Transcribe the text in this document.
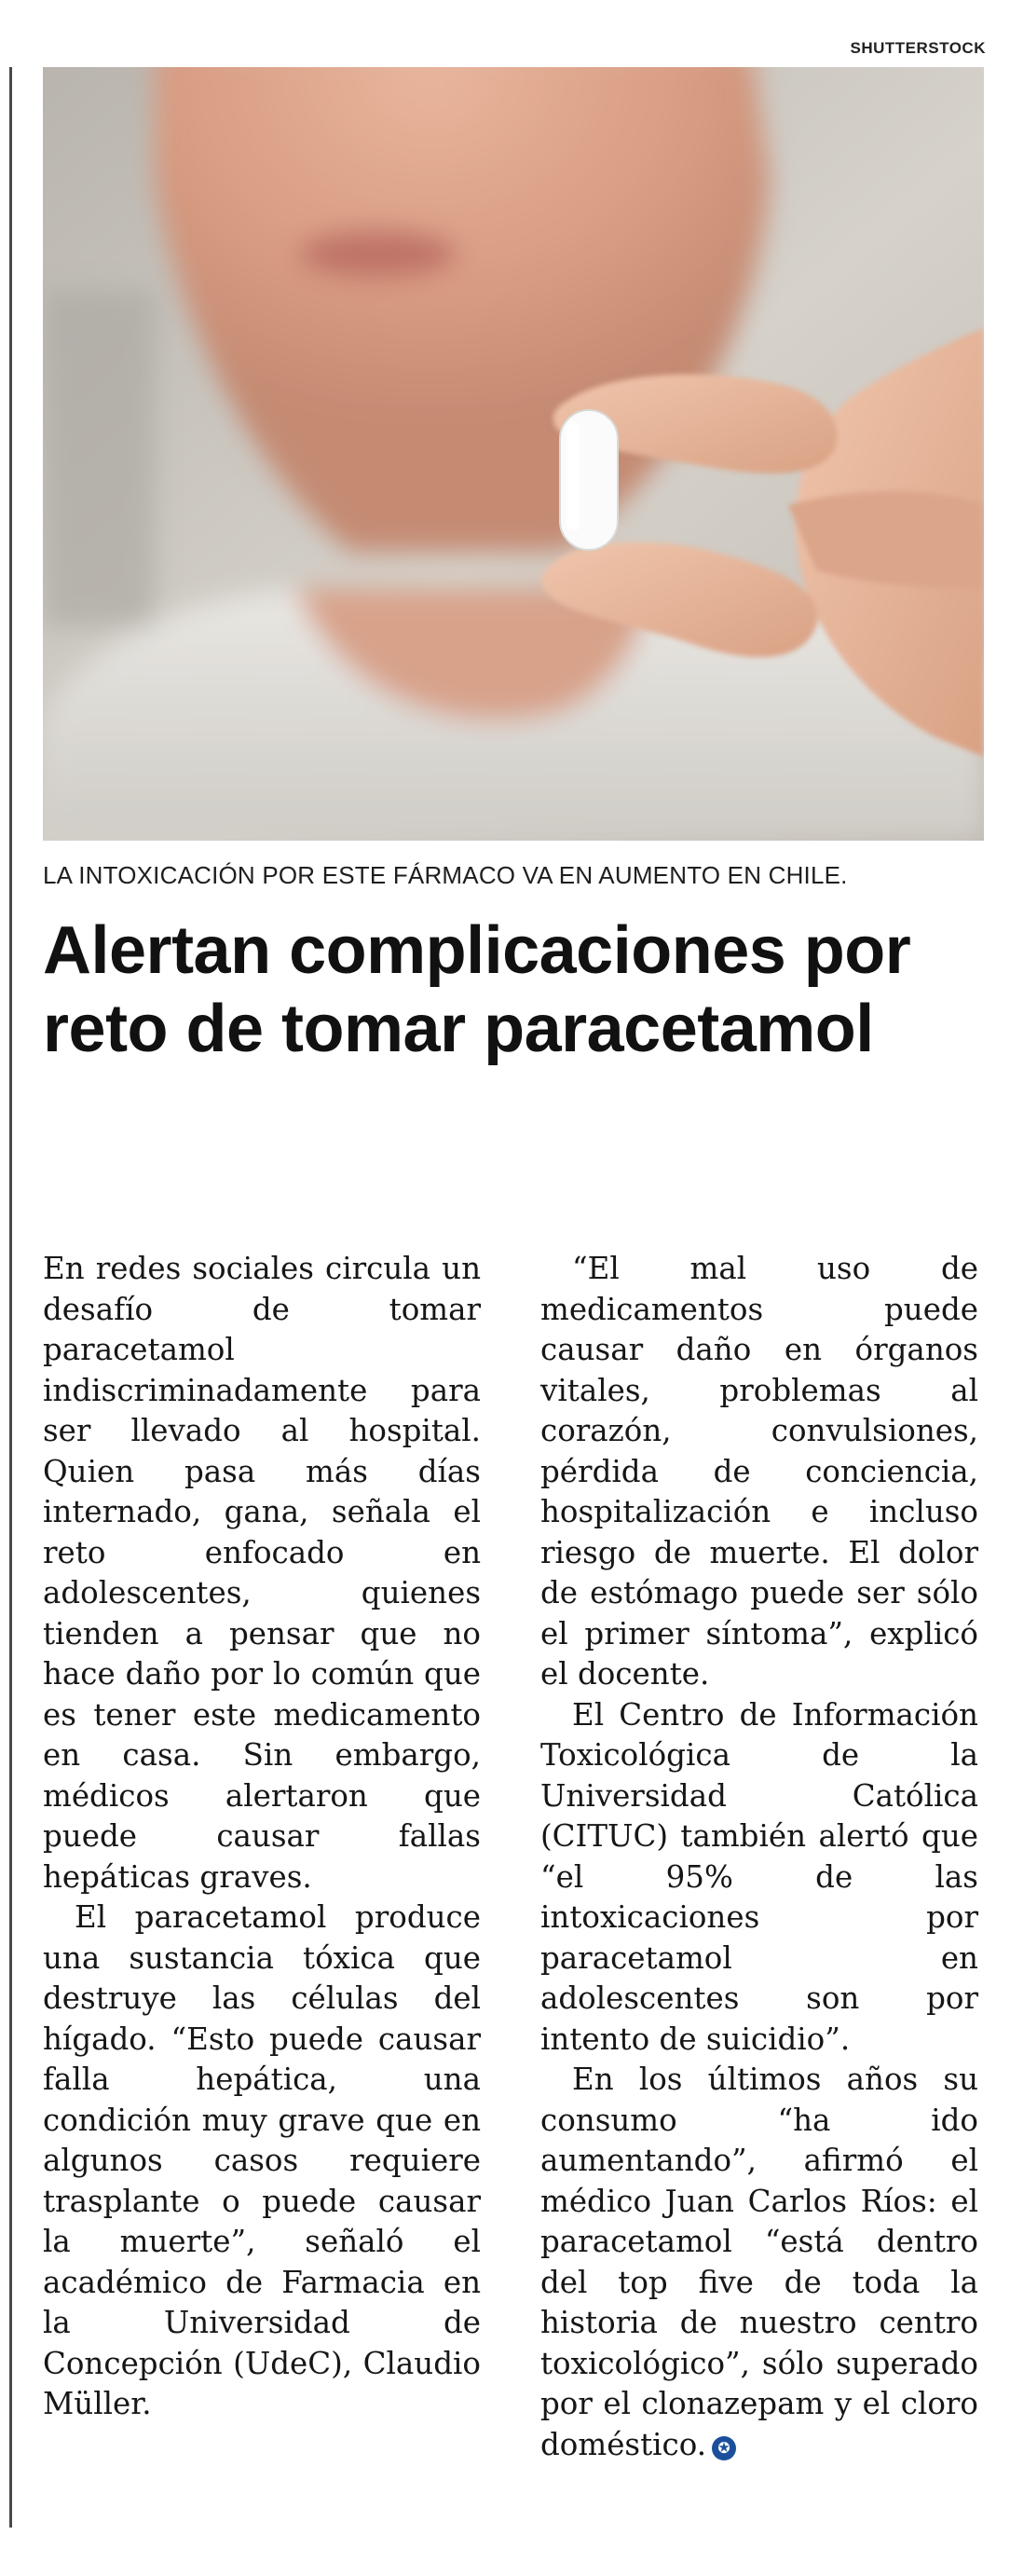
SHUTTERSTOCK
LA INTOXICACIÓN POR ESTE FÁRMACO VA EN AUMENTO EN CHILE.
Alertan complicaciones por reto de tomar paracetamol

En redes sociales circula un desafío de tomar paracetamol indiscriminadamente para ser llevado al hospital. Quien pasa más días internado, gana, señala el reto enfocado en adolescentes, quienes tienden a pensar que no hace daño por lo común que es tener este medicamento en casa. Sin embargo, médicos alertaron que puede causar fallas hepáticas graves.

El paracetamol produce una sustancia tóxica que destruye las células del hígado. “Esto puede causar falla hepática, una condición muy grave que en algunos casos requiere trasplante o puede causar la muerte”, señaló el académico de Farmacia en la Universidad de Concepción (UdeC), Claudio Müller.

“El mal uso de medicamentos puede causar daño en órganos vitales, problemas al corazón, convulsiones, pérdida de conciencia, hospitalización e incluso riesgo de muerte. El dolor de estómago puede ser sólo el primer síntoma”, explicó el docente.

El Centro de Información Toxicológica de la Universidad Católica (CITUC) también alertó que “el 95% de las intoxicaciones por paracetamol en adolescentes son por intento de suicidio”.

En los últimos años su consumo “ha ido aumentando”, afirmó el médico Juan Carlos Ríos: el paracetamol “está dentro del top five de toda la historia de nuestro centro toxicológico”, sólo superado por el clonazepam y el cloro doméstico. ✪
